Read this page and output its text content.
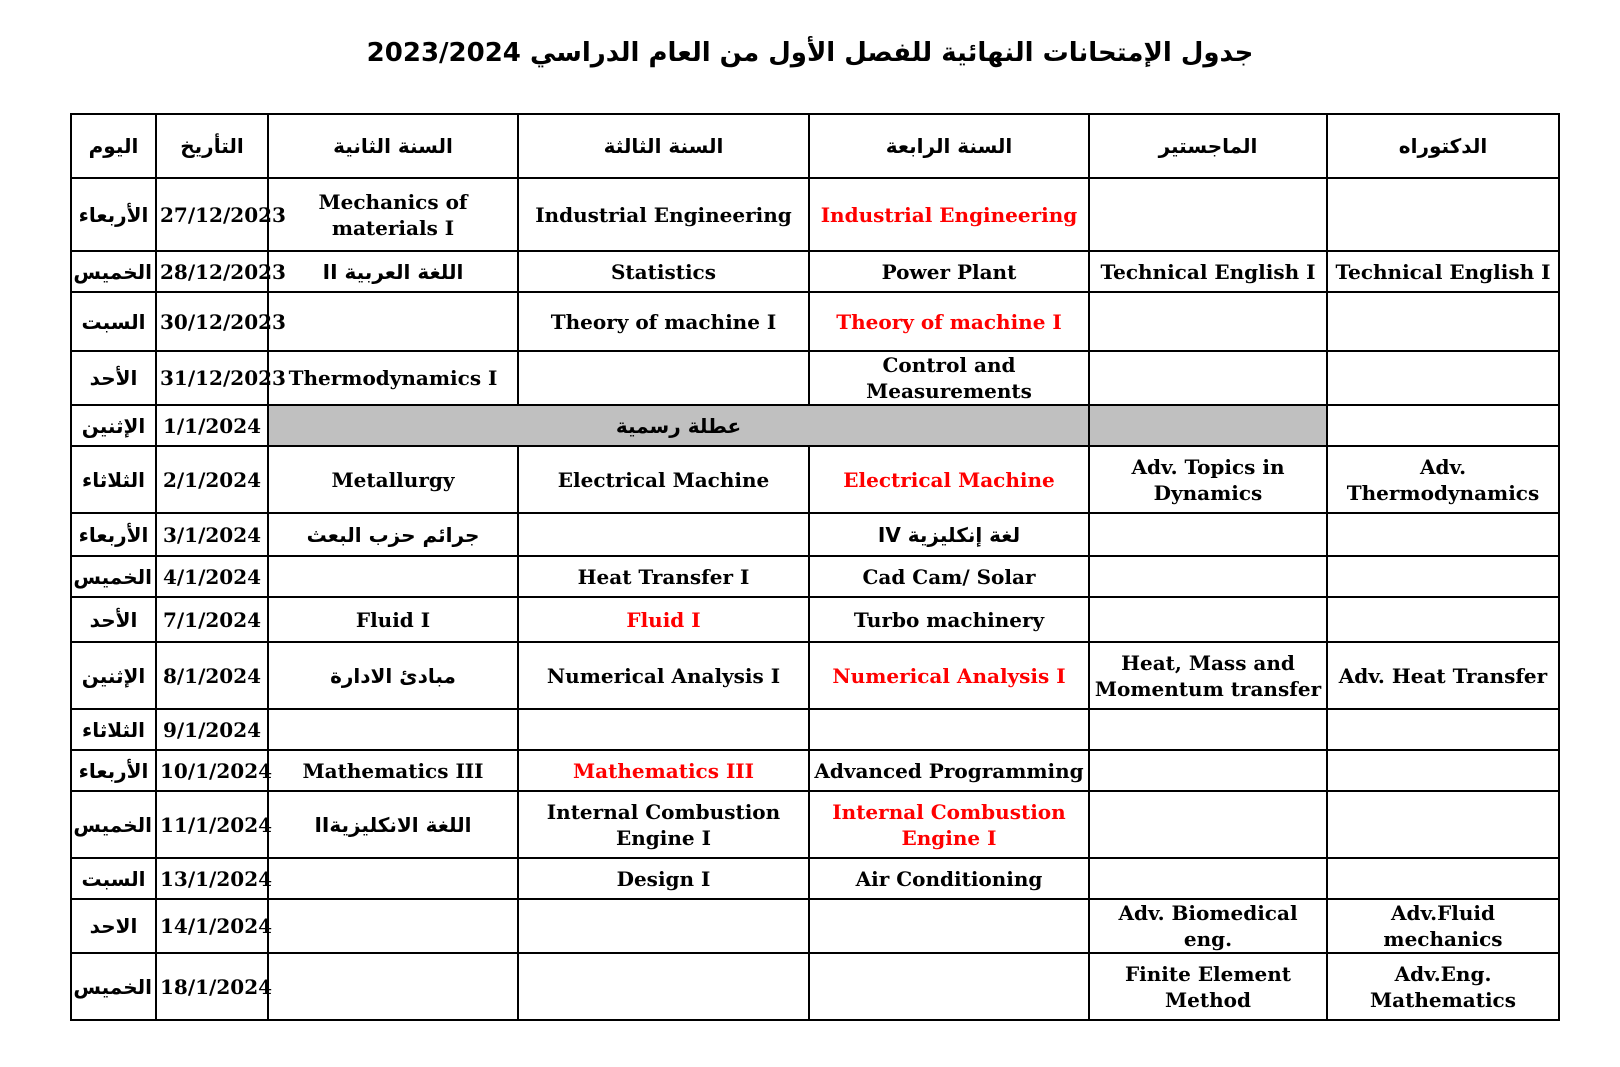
جدول الإمتحانات النهائية للفصل الأول من العام الدراسي 2023/2024
اليوم	التأريخ	السنة الثانية	السنة الثالثة	السنة الرابعة	الماجستير	الدكتوراه
الأربعاء	27/12/2023	Mechanics of materials I	Industrial Engineering	Industrial Engineering		
الخميس	28/12/2023	اللغة العربية II	Statistics	Power Plant	Technical English I	Technical English I
السبت	30/12/2023		Theory of machine I	Theory of machine I		
الأحد	31/12/2023	Thermodynamics I		Control and Measurements		
الإثنين	1/1/2024	عطلة رسمية				
الثلاثاء	2/1/2024	Metallurgy	Electrical Machine	Electrical Machine	Adv. Topics in Dynamics	Adv. Thermodynamics
الأربعاء	3/1/2024	جرائم حزب البعث		لغة إنكليزية IV		
الخميس	4/1/2024		Heat Transfer I	Cad Cam/ Solar		
الأحد	7/1/2024	Fluid I	Fluid I	Turbo machinery		
الإثنين	8/1/2024	مبادئ الادارة	Numerical Analysis I	Numerical Analysis I	Heat, Mass and Momentum transfer	Adv. Heat Transfer
الثلاثاء	9/1/2024					
الأربعاء	10/1/2024	Mathematics III	Mathematics III	Advanced Programming		
الخميس	11/1/2024	اللغة الانكليزيةII	Internal Combustion Engine I	Internal Combustion Engine I		
السبت	13/1/2024		Design I	Air Conditioning		
الاحد	14/1/2024				Adv. Biomedical eng.	Adv.Fluid mechanics
الخميس	18/1/2024				Finite Element Method	Adv.Eng. Mathematics
